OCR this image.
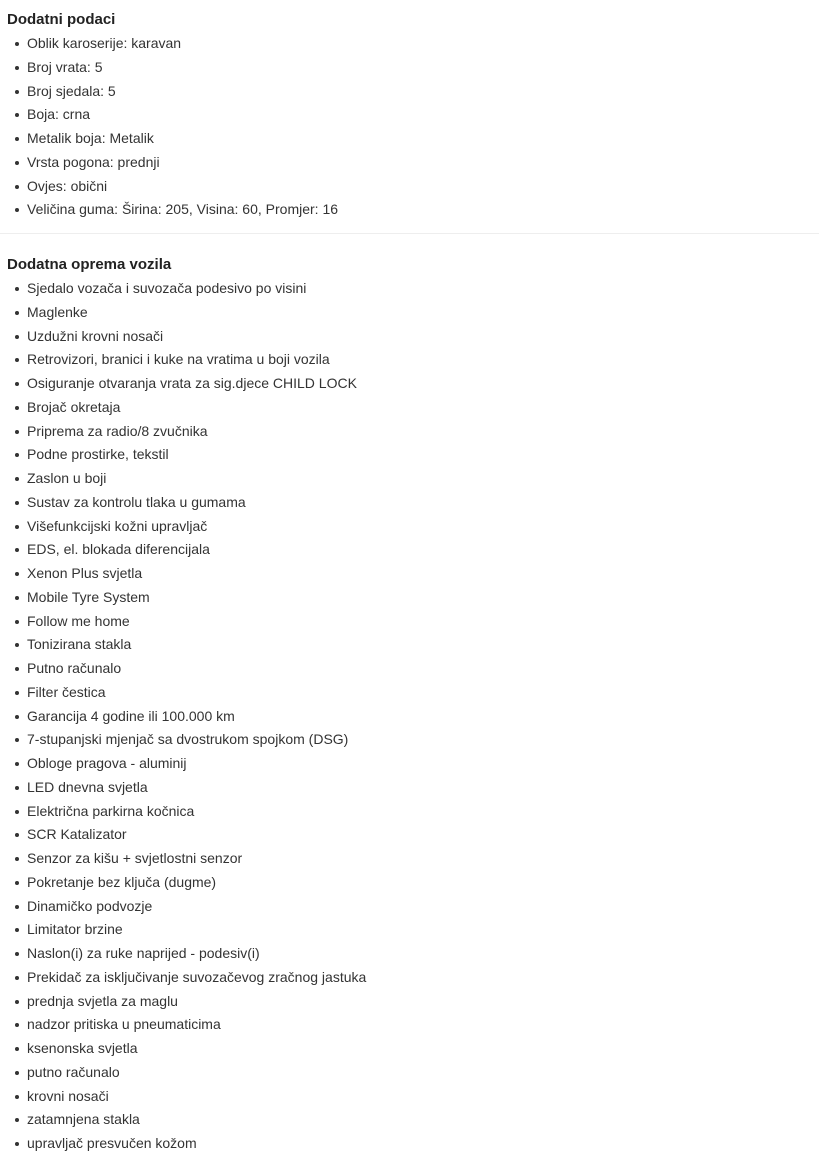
Dodatni podaci
Oblik karoserije: karavan
Broj vrata: 5
Broj sjedala: 5
Boja: crna
Metalik boja: Metalik
Vrsta pogona: prednji
Ovjes: obični
Veličina guma: Širina: 205, Visina: 60, Promjer: 16
Dodatna oprema vozila
Sjedalo vozača i suvozača podesivo po visini
Maglenke
Uzdužni krovni nosači
Retrovizori, branici i kuke na vratima u boji vozila
Osiguranje otvaranja vrata za sig.djece CHILD LOCK
Brojač okretaja
Priprema za radio/8 zvučnika
Podne prostirke, tekstil
Zaslon u boji
Sustav za kontrolu tlaka u gumama
Višefunkcijski kožni upravljač
EDS, el. blokada diferencijala
Xenon Plus svjetla
Mobile Tyre System
Follow me home
Tonizirana stakla
Putno računalo
Filter čestica
Garancija 4 godine ili 100.000 km
7-stupanjski mjenjač sa dvostrukom spojkom (DSG)
Obloge pragova - aluminij
LED dnevna svjetla
Električna parkirna kočnica
SCR Katalizator
Senzor za kišu + svjetlostni senzor
Pokretanje bez ključa (dugme)
Dinamičko podvozje
Limitator brzine
Naslon(i) za ruke naprijed - podesiv(i)
Prekidač za isključivanje suvozačevog zračnog jastuka
prednja svjetla za maglu
nadzor pritiska u pneumaticima
ksenonska svjetla
putno računalo
krovni nosači
zatamnjena stakla
upravljač presvučen kožom
